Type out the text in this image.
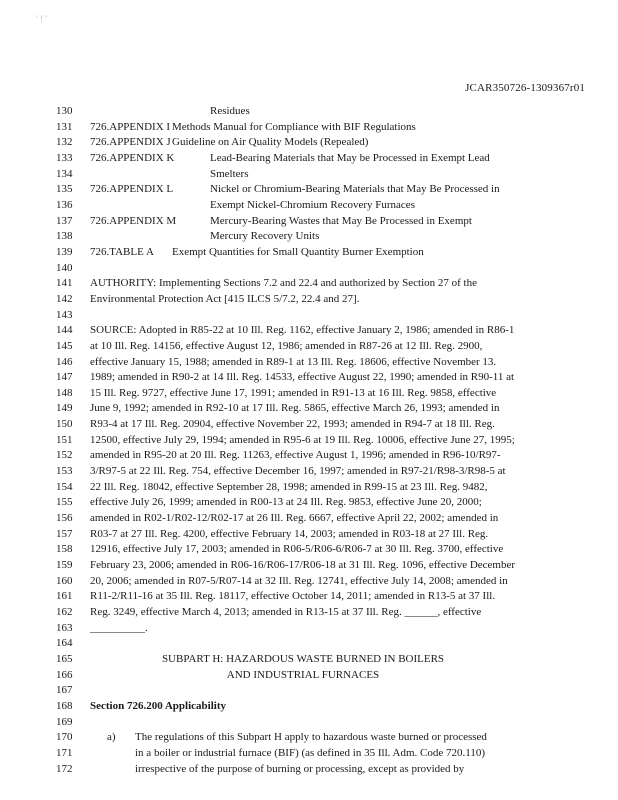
' ! '
JCAR350726-1309367r01
130	Residues
131	726.APPENDIX I Methods Manual for Compliance with BIF Regulations
132	726.APPENDIX J Guideline on Air Quality Models (Repealed)
133	726.APPENDIX K	Lead-Bearing Materials that May be Processed in Exempt Lead
134	Smelters
135	726.APPENDIX L	Nickel or Chromium-Bearing Materials that May Be Processed in
136	Exempt Nickel-Chromium Recovery Furnaces
137	726.APPENDIX M	Mercury-Bearing Wastes that May Be Processed in Exempt
138	Mercury Recovery Units
139	726.TABLE A Exempt Quantities for Small Quantity Burner Exemption
140
141	AUTHORITY: Implementing Sections 7.2 and 22.4 and authorized by Section 27 of the
142	Environmental Protection Act [415 ILCS 5/7.2, 22.4 and 27].
143
144	SOURCE: Adopted in R85-22 at 10 Ill. Reg. 1162, effective January 2, 1986; amended in R86-1
145	at 10 Ill. Reg. 14156, effective August 12, 1986; amended in R87-26 at 12 Ill. Reg. 2900,
146	effective January 15, 1988; amended in R89-1 at 13 Ill. Reg. 18606, effective November 13.
147	1989; amended in R90-2 at 14 Ill. Reg. 14533, effective August 22, 1990; amended in R90-11 at
148	15 Ill. Reg. 9727, effective June 17, 1991; amended in R91-13 at 16 Ill. Reg. 9858, effective
149	June 9, 1992; amended in R92-10 at 17 Ill. Reg. 5865, effective March 26, 1993; amended in
150	R93-4 at 17 Ill. Reg. 20904, effective November 22, 1993; amended in R94-7 at 18 Ill. Reg.
151	12500, effective July 29, 1994; amended in R95-6 at 19 Ill. Reg. 10006, effective June 27, 1995;
152	amended in R95-20 at 20 Ill. Reg. 11263, effective August 1, 1996; amended in R96-10/R97-
153	3/R97-5 at 22 Ill. Reg. 754, effective December 16, 1997; amended in R97-21/R98-3/R98-5 at
154	22 Ill. Reg. 18042, effective September 28, 1998; amended in R99-15 at 23 Ill. Reg. 9482,
155	effective July 26, 1999; amended in R00-13 at 24 Ill. Reg. 9853, effective June 20, 2000;
156	amended in R02-1/R02-12/R02-17 at 26 Ill. Reg. 6667, effective April 22, 2002; amended in
157	R03-7 at 27 Ill. Reg. 4200, effective February 14, 2003; amended in R03-18 at 27 Ill. Reg.
158	12916, effective July 17, 2003; amended in R06-5/R06-6/R06-7 at 30 Ill. Reg. 3700, effective
159	February 23, 2006; amended in R06-16/R06-17/R06-18 at 31 Ill. Reg. 1096, effective December
160	20, 2006; amended in R07-5/R07-14 at 32 Ill. Reg. 12741, effective July 14, 2008; amended in
161	R11-2/R11-16 at 35 Ill. Reg. 18117, effective October 14, 2011; amended in R13-5 at 37 Ill.
162	Reg. 3249, effective March 4, 2013; amended in R13-15 at 37 Ill. Reg. ______, effective
163	__________.
164
165	SUBPART H: HAZARDOUS WASTE BURNED IN BOILERS
166	AND INDUSTRIAL FURNACES
167
168	Section 726.200 Applicability
169
170	a) The regulations of this Subpart H apply to hazardous waste burned or processed
171	in a boiler or industrial furnace (BIF) (as defined in 35 Ill. Adm. Code 720.110)
172	irrespective of the purpose of burning or processing, except as provided by
